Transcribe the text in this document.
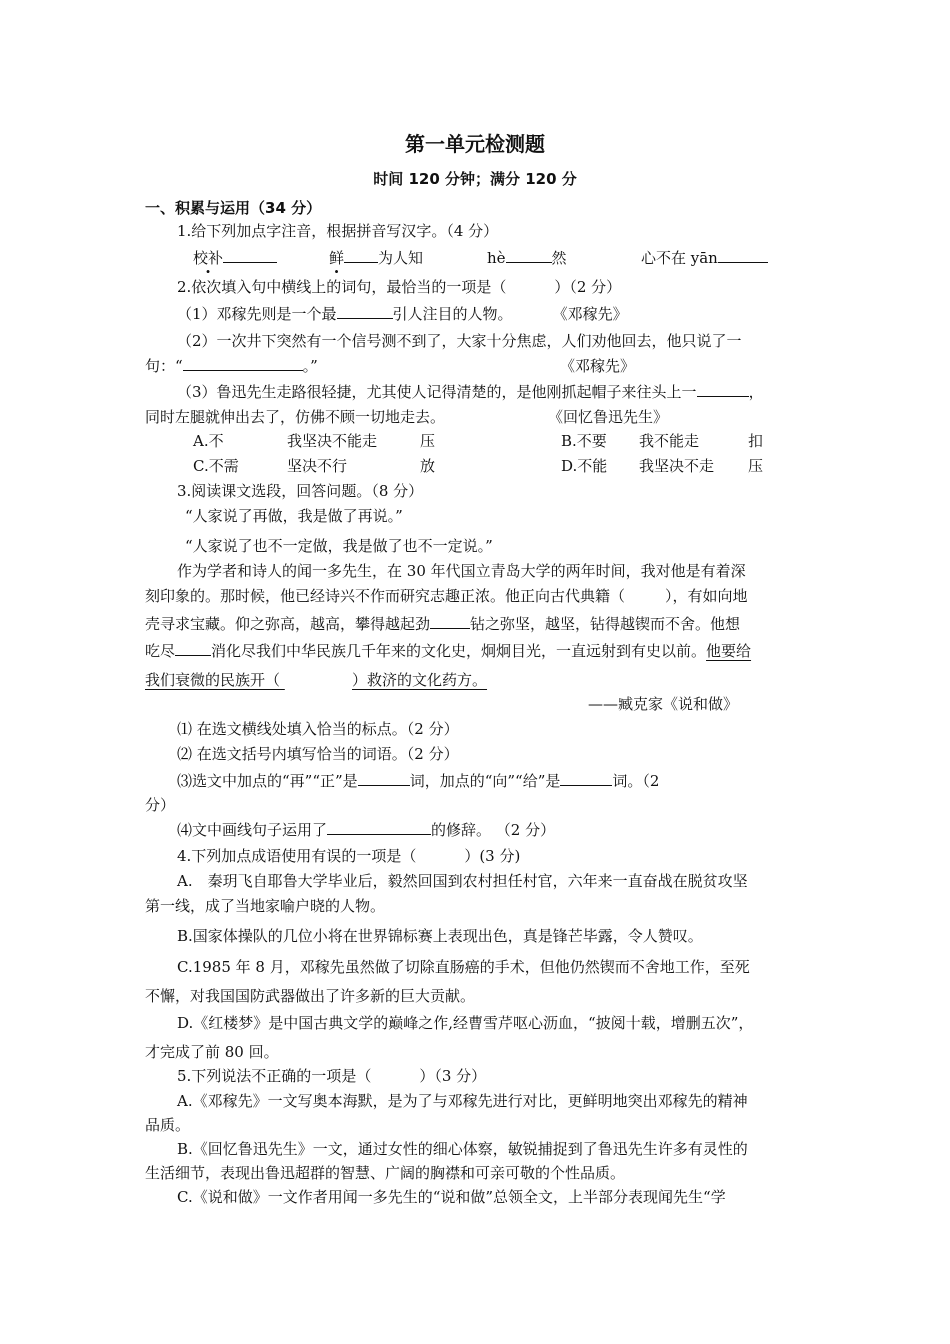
第一单元检测题
时间 120 分钟；满分 120 分
一、积累与运用（34 分）
1.给下列加点字注音，根据拼音写汉字。（4 分）
校补	鲜 为人知	hè	然	心不在 yān
2.依次填入句中横线上的词句，最恰当的一项是（	）（2 分）
（1）邓稼先则是一个最	引人注目的人物。	《邓稼先》
（2）一次井下突然有一个信号测不到了，大家十分焦虑，人们劝他回去，他只说了一
句：“	。”	《邓稼先》
（3）鲁迅先生走路很轻捷，尤其使人记得清楚的，是他刚抓起帽子来往头上一	，
同时左腿就伸出去了，仿佛不顾一切地走去。	《回忆鲁迅先生》
A.不	我坚决不能走	压	B.不要 我不能走	扣
C.不需	坚决不行	放	D.不能 我坚决不走 压
3.阅读课文选段，回答问题。（8 分）
“人家说了再做，我是做了再说。”
“人家说了也不一定做，我是做了也不一定说。”
作为学者和诗人的闻一多先生，在 30 年代国立青岛大学的两年时间，我对他是有着深
刻印象的。那时候，他已经诗兴不作而研究志趣正浓。他正向古代典籍（	），有如向地
壳寻求宝藏。仰之弥高，越高，攀得越起劲	钻之弥坚，越坚，钻得越锲而不舍。他想
吃尽 消化尽我们中华民族几千年来的文化史，炯炯目光，一直远射到有史以前。他要给
我们衰微的民族开（	）救济的文化药方。
——臧克家《说和做》
⑴ 在选文横线处填入恰当的标点。（2 分）
⑵ 在选文括号内填写恰当的词语。（2 分）
⑶选文中加点的“再”“正”是	词，加点的“向”“给”是	词。（2
分）
⑷文中画线句子运用了	的修辞。 （2 分）
4.下列加点成语使用有误的一项是（	）(3 分)
A.　秦玥飞自耶鲁大学毕业后，毅然回国到农村担任村官，六年来一直奋战在脱贫攻坚
第一线，成了当地家喻户晓的人物。
B.国家体操队的几位小将在世界锦标赛上表现出色，真是锋芒毕露，令人赞叹。
C.1985 年 8 月，邓稼先虽然做了切除直肠癌的手术，但他仍然锲而不舍地工作，至死
不懈，对我国国防武器做出了许多新的巨大贡献。
D.《红楼梦》是中国古典文学的巅峰之作,经曹雪芹呕心沥血，“披阅十载，增删五次”，
才完成了前 80 回。
5.下列说法不正确的一项是（	）（3 分）
A.《邓稼先》一文写奥本海默，是为了与邓稼先进行对比，更鲜明地突出邓稼先的精神
品质。
B.《回忆鲁迅先生》一文，通过女性的细心体察，敏锐捕捉到了鲁迅先生许多有灵性的
生活细节，表现出鲁迅超群的智慧、广阔的胸襟和可亲可敬的个性品质。
C.《说和做》一文作者用闻一多先生的“说和做”总领全文，上半部分表现闻先生“学
